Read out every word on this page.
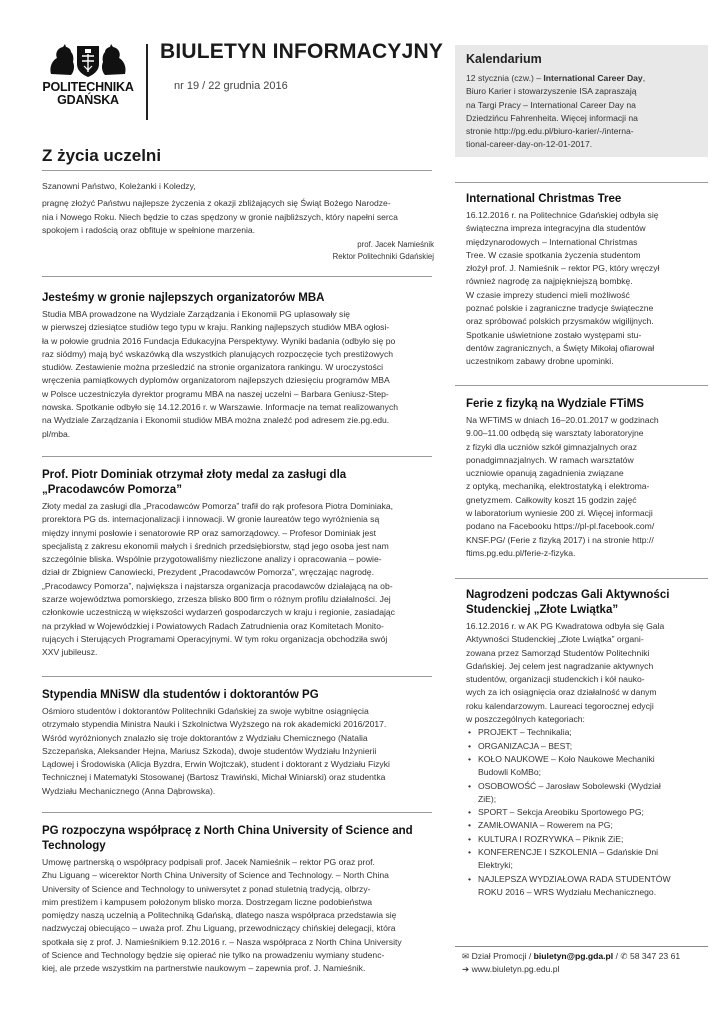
POLITECHNIKA
GDAŃSKA
BIULETYN INFORMACYJNY
nr 19 / 22 grudnia 2016
Kalendarium

12 stycznia (czw.) – International Career Day,

Biuro Karier i stowarzyszenie ISA zapraszają

na Targi Pracy – International Career Day na

Dziedzińcu Fahrenheita. Więcej informacji na

stronie http://pg.edu.pl/biuro-karier/-/interna-

tional-career-day-on-12-01-2017.

Z życia uczelni

Szanowni Państwo, Koleżanki i Koledzy,

pragnę złożyć Państwu najlepsze życzenia z okazji zbliżających się Świąt Bożego Narodze-

nia i Nowego Roku. Niech będzie to czas spędzony w gronie najbliższych, który napełni serca

spokojem i radością oraz obfituje w spełnione marzenia.

prof. Jacek Namieśnik

Rektor Politechniki Gdańskiej

Jesteśmy w gronie najlepszych organizatorów MBA

Studia MBA prowadzone na Wydziale Zarządzania i Ekonomii PG uplasowały się

w pierwszej dziesiątce studiów tego typu w kraju. Ranking najlepszych studiów MBA ogłosi-

ła w połowie grudnia 2016 Fundacja Edukacyjna Perspektywy. Wyniki badania (odbyło się po

raz siódmy) mają być wskazówką dla wszystkich planujących rozpoczęcie tych prestiżowych

studiów. Zestawienie można prześledzić na stronie organizatora rankingu. W uroczystości

wręczenia pamiątkowych dyplomów organizatorom najlepszych dziesięciu programów MBA

w Polsce uczestniczyła dyrektor programu MBA na naszej uczelni – Barbara Geniusz-Step-

nowska. Spotkanie odbyło się 14.12.2016 r. w Warszawie. Informacje na temat realizowanych

na Wydziale Zarządzania i Ekonomii studiów MBA można znaleźć pod adresem zie.pg.edu.

pl/mba.

Prof. Piotr Dominiak otrzymał złoty medal za zasługi dla
„Pracodawców Pomorza”

Złoty medal za zasługi dla „Pracodawców Pomorza” trafił do rąk profesora Piotra Dominiaka,

prorektora PG ds. internacjonalizacji i innowacji. W gronie laureatów tego wyróżnienia są

między innymi posłowie i senatorowie RP oraz samorządowcy. – Profesor Dominiak jest

specjalistą z zakresu ekonomii małych i średnich przedsiębiorstw, stąd jego osoba jest nam

szczególnie bliska. Wspólnie przygotowaliśmy niezliczone analizy i opracowania – powie-

dział dr Zbigniew Canowiecki, Prezydent „Pracodawców Pomorza”, wręczając nagrodę.

„Pracodawcy Pomorza”, największa i najstarsza organizacja pracodawców działającą na ob-

szarze województwa pomorskiego, zrzesza blisko 800 firm o różnym profilu działalności. Jej

członkowie uczestniczą w większości wydarzeń gospodarczych w kraju i regionie, zasiadając

na przykład w Wojewódzkiej i Powiatowych Radach Zatrudnienia oraz Komitetach Monito-

rujących i Sterujących Programami Operacyjnymi. W tym roku organizacja obchodziła swój

XXV jubileusz.

Stypendia MNiSW dla studentów i doktorantów PG

Ośmioro studentów i doktorantów Politechniki Gdańskiej za swoje wybitne osiągnięcia

otrzymało stypendia Ministra Nauki i Szkolnictwa Wyższego na rok akademicki 2016/2017.

Wśród wyróżnionych znalazło się troje doktorantów z Wydziału Chemicznego (Natalia

Szczepańska, Aleksander Hejna, Mariusz Szkoda), dwoje studentów Wydziału Inżynierii

Lądowej i Środowiska (Alicja Byzdra, Erwin Wojtczak), student i doktorant z Wydziału Fizyki

Technicznej i Matematyki Stosowanej (Bartosz Trawiński, Michał Winiarski) oraz studentka

Wydziału Mechanicznego (Anna Dąbrowska).

PG rozpoczyna współpracę z North China University of Science and
Technology

Umowę partnerską o współpracy podpisali prof. Jacek Namieśnik – rektor PG oraz prof.

Zhu Liguang – wicerektor North China University of Science and Technology. – North China

University of Science and Technology to uniwersytet z ponad stuletnią tradycją, olbrzy-

mim prestiżem i kampusem położonym blisko morza. Dostrzegam liczne podobieństwa

pomiędzy naszą uczelnią a Politechniką Gdańską, dlatego nasza współpraca przedstawia się

nadzwyczaj obiecująco – uważa prof. Zhu Liguang, przewodniczący chińskiej delegacji, która

spotkała się z prof. J. Namieśnikiem 9.12.2016 r. – Nasza współpraca z North China University

of Science and Technology będzie się opierać nie tylko na prowadzeniu wymiany studenc-

kiej, ale przede wszystkim na partnerstwie naukowym – zapewnia prof. J. Namieśnik.

International Christmas Tree

16.12.2016 r. na Politechnice Gdańskiej odbyła się

świąteczna impreza integracyjna dla studentów

międzynarodowych – International Christmas

Tree. W czasie spotkania życzenia studentom

złożył prof. J. Namieśnik – rektor PG, który wręczył

również nagrodę za najpiękniejszą bombkę.

W czasie imprezy studenci mieli możliwość

poznać polskie i zagraniczne tradycje świąteczne

oraz spróbować polskich przysmaków wigilijnych.

Spotkanie uświetnione zostało występami stu-

dentów zagranicznych, a Święty Mikołaj ofiarował

uczestnikom zabawy drobne upominki.

Ferie z fizyką na Wydziale FTiMS

Na WFTiMS w dniach 16–20.01.2017 w godzinach

9.00–11.00 odbędą się warsztaty laboratoryjne

z fizyki dla uczniów szkół gimnazjalnych oraz

ponadgimnazjalnych. W ramach warsztatów

uczniowie opanują zagadnienia związane

z optyką, mechaniką, elektrostatyką i elektroma-

gnetyzmem. Całkowity koszt 15 godzin zajęć

w laboratorium wyniesie 200 zł. Więcej informacji

podano na Facebooku https://pl-pl.facebook.com/

KNSF.PG/ (Ferie z fizyką 2017) i na stronie http://

ftims.pg.edu.pl/ferie-z-fizyka.

Nagrodzeni podczas Gali Aktywności
Studenckiej „Złote Lwiątka”

16.12.2016 r. w AK PG Kwadratowa odbyła się Gala

Aktywności Studenckiej „Złote Lwiątka” organi-

zowana przez Samorząd Studentów Politechniki

Gdańskiej. Jej celem jest nagradzanie aktywnych

studentów, organizacji studenckich i kół nauko-

wych za ich osiągnięcia oraz działalność w danym

roku kalendarzowym. Laureaci tegorocznej edycji

w poszczególnych kategoriach:

• PROJEKT – Technikalia;
• ORGANIZACJA – BEST;
• KOŁO NAUKOWE – Koło Naukowe Mechaniki
Budowli KoMBo;
• OSOBOWOŚĆ – Jarosław Sobolewski (Wydział
ZiE);
• SPORT – Sekcja Areobiku Sportowego PG;
• ZAMIŁOWANIA – Rowerem na PG;
• KULTURA I ROZRYWKA – Piknik ZiE;
• KONFERENCJE I SZKOLENIA – Gdańskie Dni
Elektryki;
• NAJLEPSZA WYDZIAŁOWA RADA STUDENTÓW
ROKU 2016 – WRS Wydziału Mechanicznego.
✉ Dział Promocji / biuletyn@pg.gda.pl / ✆ 58 347 23 61
➔ www.biuletyn.pg.edu.pl
